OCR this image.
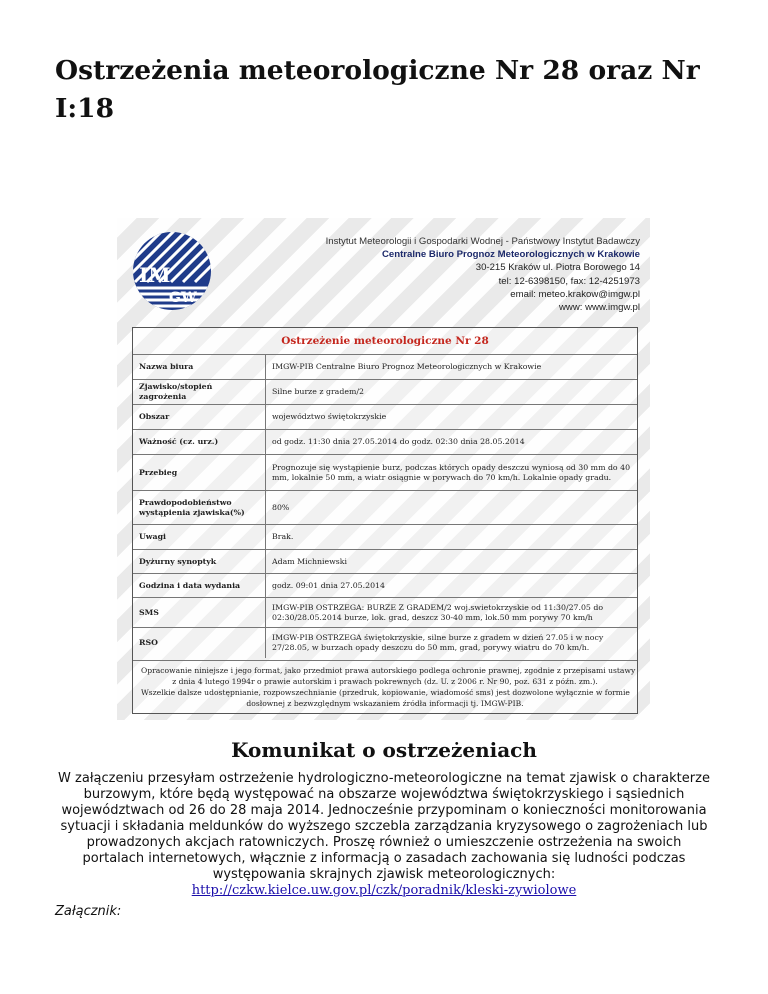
Ostrzeżenia meteorologiczne Nr 28 oraz Nr I:18
IM
GW
Instytut Meteorologii i Gospodarki Wodnej - Państwowy Instytut Badawczy
Centralne Biuro Prognoz Meteorologicznych w Krakowie
30-215 Kraków ul. Piotra Borowego 14
tel: 12-6398150, fax: 12-4251973
email: meteo.krakow@imgw.pl
www: www.imgw.pl
Ostrzeżenie meteorologiczne Nr 28
Nazwa biura	IMGW-PIB Centralne Biuro Prognoz Meteorologicznych w Krakowie
Zjawisko/stopień zagrożenia	Silne burze z gradem/2
Obszar	województwo świętokrzyskie
Ważność (cz. urz.)	od godz. 11:30 dnia 27.05.2014 do godz. 02:30 dnia 28.05.2014
Przebieg	Prognozuje się wystąpienie burz, podczas których opady deszczu wyniosą od 30 mm do 40 mm, lokalnie 50 mm, a wiatr osiągnie w porywach do 70 km/h. Lokalnie opady gradu.
Prawdopodobieństwo wystąpienia zjawiska(%)	80%
Uwagi	Brak.
Dyżurny synoptyk	Adam Michniewski
Godzina i data wydania	godz. 09:01 dnia 27.05.2014
SMS	IMGW-PIB OSTRZEGA: BURZE Z GRADEM/2 woj.swietokrzyskie od 11:30/27.05 do 02:30/28.05.2014 burze, lok. grad, deszcz 30-40 mm, lok.50 mm porywy 70 km/h
RSO	IMGW-PIB OSTRZEGA świętokrzyskie, silne burze z gradem w dzień 27.05 i w nocy 27/28.05, w burzach opady deszczu do 50 mm, grad, porywy wiatru do 70 km/h.
Opracowanie niniejsze i jego format, jako przedmiot prawa autorskiego podlega ochronie prawnej, zgodnie z przepisami ustawy
z dnia 4 lutego 1994r o prawie autorskim i prawach pokrewnych (dz. U. z 2006 r. Nr 90, poz. 631 z późn. zm.).
Wszelkie dalsze udostępnianie, rozpowszechnianie (przedruk, kopiowanie, wiadomość sms) jest dozwolone wyłącznie w formie
dosłownej z bezwzględnym wskazaniem źródła informacji tj. IMGW-PIB.
Komunikat o ostrzeżeniach
W załączeniu przesyłam ostrzeżenie hydrologiczno-meteorologiczne na temat zjawisk o charakterze
burzowym, które będą występować na obszarze województwa świętokrzyskiego i sąsiednich
województwach od 26 do 28 maja 2014. Jednocześnie przypominam o konieczności monitorowania
sytuacji i składania meldunków do wyższego szczebla zarządzania kryzysowego o zagrożeniach lub
prowadzonych akcjach ratowniczych. Proszę również o umieszczenie ostrzeżenia na swoich
portalach internetowych, włącznie z informacją o zasadach zachowania się ludności podczas
występowania skrajnych zjawisk meteorologicznych:
http://czkw.kielce.uw.gov.pl/czk/poradnik/kleski-zywiolowe
Załącznik:
